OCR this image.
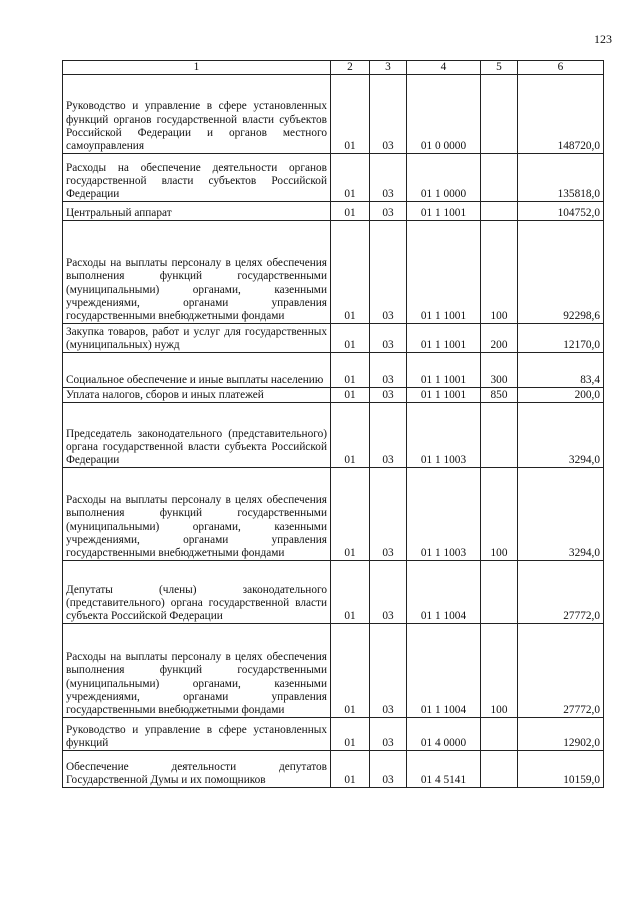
123
1	2	3	4	5	6
Руководство и управление в сфере установленных функций органов государственной власти субъектов Российской Федерации и органов местного самоуправления	01	03	01 0 0000		148720,0
Расходы на обеспечение деятельности органов государственной власти субъектов Российской Федерации	01	03	01 1 0000		135818,0
Центральный аппарат	01	03	01 1 1001		104752,0
Расходы на выплаты персоналу в целях обеспечения выполнения функций государственными (муниципальными) органами, казенными учреждениями, органами управления государственными внебюджетными фондами	01	03	01 1 1001	100	92298,6
Закупка товаров, работ и услуг для государственных (муниципальных) нужд	01	03	01 1 1001	200	12170,0
Социальное обеспечение и иные выплаты населению	01	03	01 1 1001	300	83,4
Уплата налогов, сборов и иных платежей	01	03	01 1 1001	850	200,0
Председатель законодательного (представительного) органа государственной власти субъекта Российской Федерации	01	03	01 1 1003		3294,0
Расходы на выплаты персоналу в целях обеспечения выполнения функций государственными (муниципальными) органами, казенными учреждениями, органами управления государственными внебюджетными фондами	01	03	01 1 1003	100	3294,0
Депутаты (члены) законодательного (представительного) органа государственной власти субъекта Российской Федерации	01	03	01 1 1004		27772,0
Расходы на выплаты персоналу в целях обеспечения выполнения функций государственными (муниципальными) органами, казенными учреждениями, органами управления государственными внебюджетными фондами	01	03	01 1 1004	100	27772,0
Руководство и управление в сфере установленных функций	01	03	01 4 0000		12902,0
Обеспечение деятельности депутатов Государственной Думы и их помощников	01	03	01 4 5141		10159,0
